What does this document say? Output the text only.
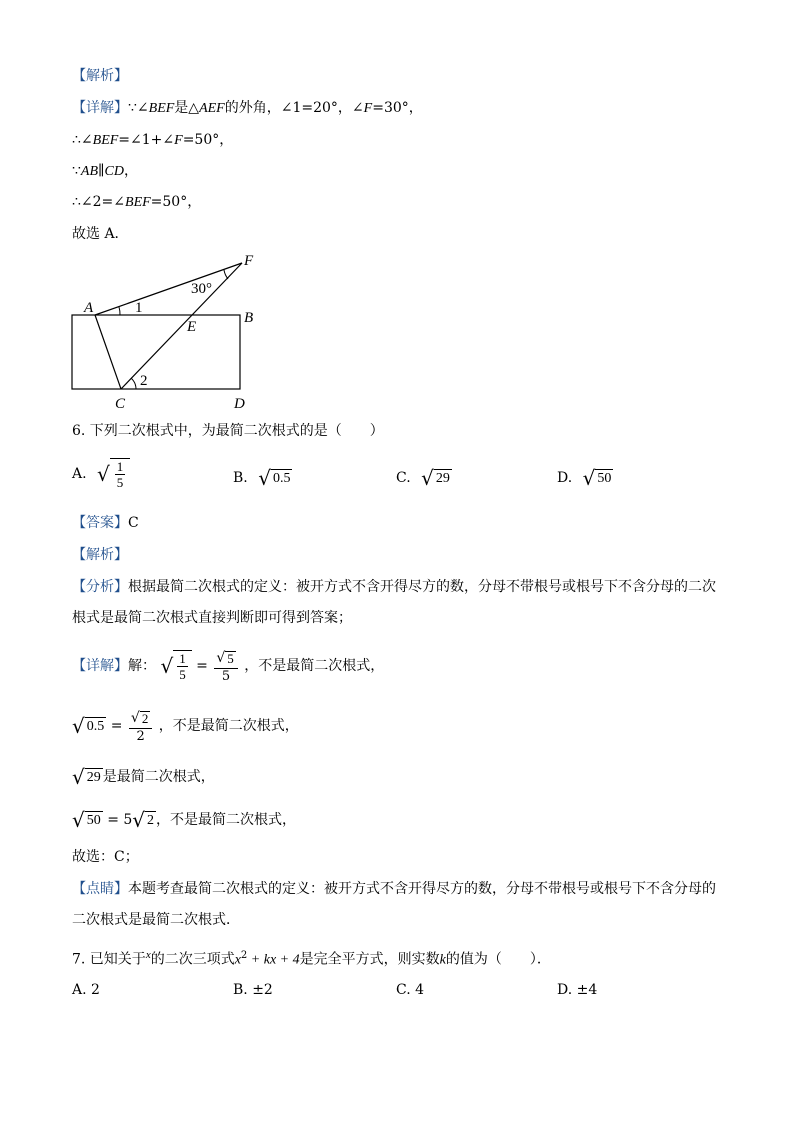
【解析】
【详解】∵∠BEF是△AEF的外角，∠1=20°，∠F=30°，
∴∠BEF=∠1+∠F=50°，
∵AB∥CD，
∴∠2=∠BEF=50°，
故选 A．
A
B
C	D
E
F
1
2
30°
6. 下列二次根式中，为最简二次根式的是（　　）
A. √ $\frac{1}{5}$	B. √ 0.5	C. √ 29	D. √ 50
【答案】C
【解析】
【分析】根据最简二次根式的定义：被开方式不含开得尽方的数，分母不带根号或根号下不含分母的二次
根式是最简二次根式直接判断即可得到答案；
【详解】解： √ $\frac{1}{5} = \frac{√ 5}{5}$ ，不是最简二次根式，
√ $0.5 = \frac{√ 2}{2}$ ，不是最简二次根式，
√ 29 是最简二次根式，
√ 50 = 5 √ 2 ，不是最简二次根式，
故选：C；
【点睛】本题考查最简二次根式的定义：被开方式不含开得尽方的数，分母不带根号或根号下不含分母的
二次根式是最简二次根式．
7. 已知关于$^x$的二次三项式$x^2$ + kx + 4是完全平方式，则实数k的值为（　　）．
A. 2	B. ±2	C. 4	D. ±4
